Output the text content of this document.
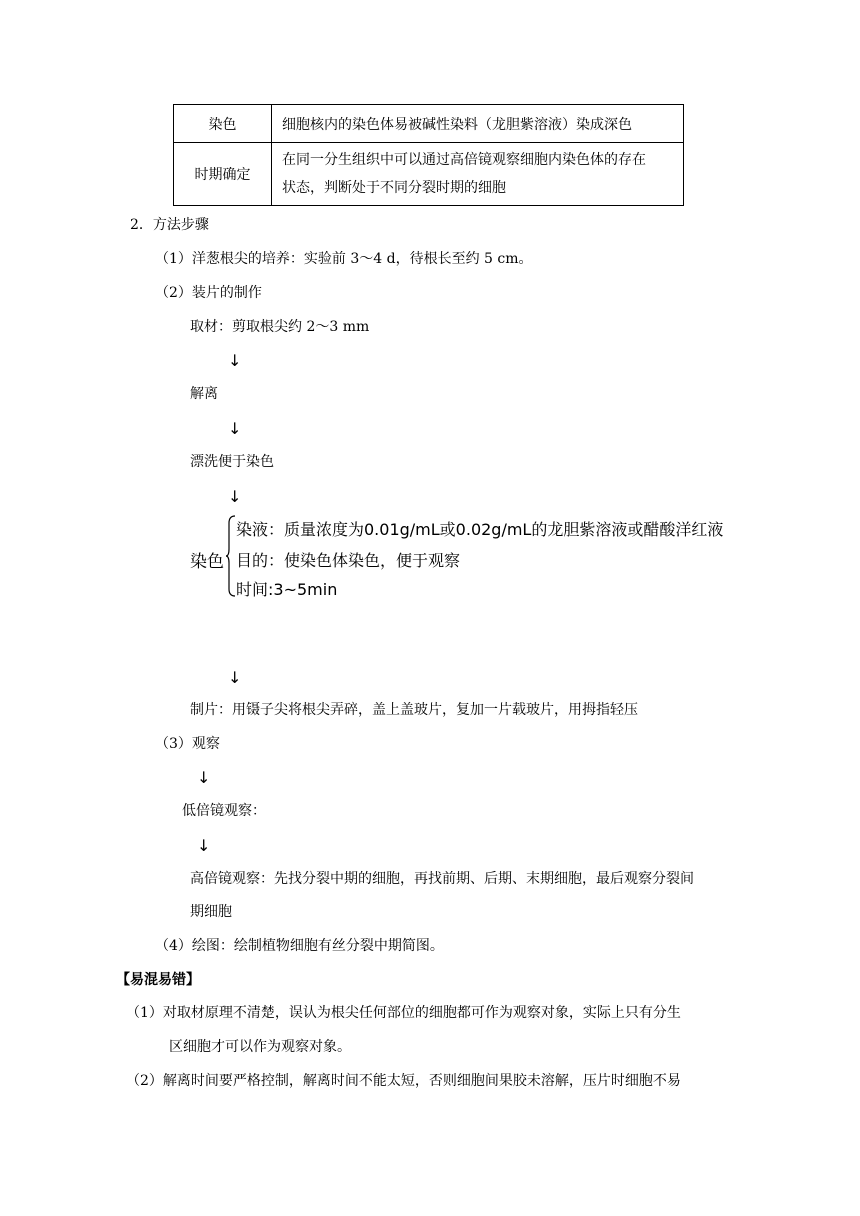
染色	细胞核内的染色体易被碱性染料（龙胆紫溶液）染成深色
时期确定	在同一分生组织中可以通过高倍镜观察细胞内染色体的存在
状态，判断处于不同分裂时期的细胞
2．方法步骤
（1）洋葱根尖的培养：实验前 3～4 d，待根长至约 5 cm。
（2）装片的制作
取材：剪取根尖约 2～3 mm
↓
解离
↓
漂洗便于染色
↓
染色
染液：质量浓度为0.01g/mL或0.02g/mL的龙胆紫溶液或醋酸洋红液
目的：使染色体染色，便于观察
时间:3~5min
↓
制片：用镊子尖将根尖弄碎，盖上盖玻片，复加一片载玻片，用拇指轻压
（3）观察
↓
低倍镜观察：
↓
高倍镜观察：先找分裂中期的细胞，再找前期、后期、末期细胞，最后观察分裂间
期细胞
（4）绘图：绘制植物细胞有丝分裂中期简图。
【易混易错】
（1）对取材原理不清楚，误认为根尖任何部位的细胞都可作为观察对象，实际上只有分生
区细胞才可以作为观察对象。
（2）解离时间要严格控制，解离时间不能太短，否则细胞间果胶未溶解，压片时细胞不易
